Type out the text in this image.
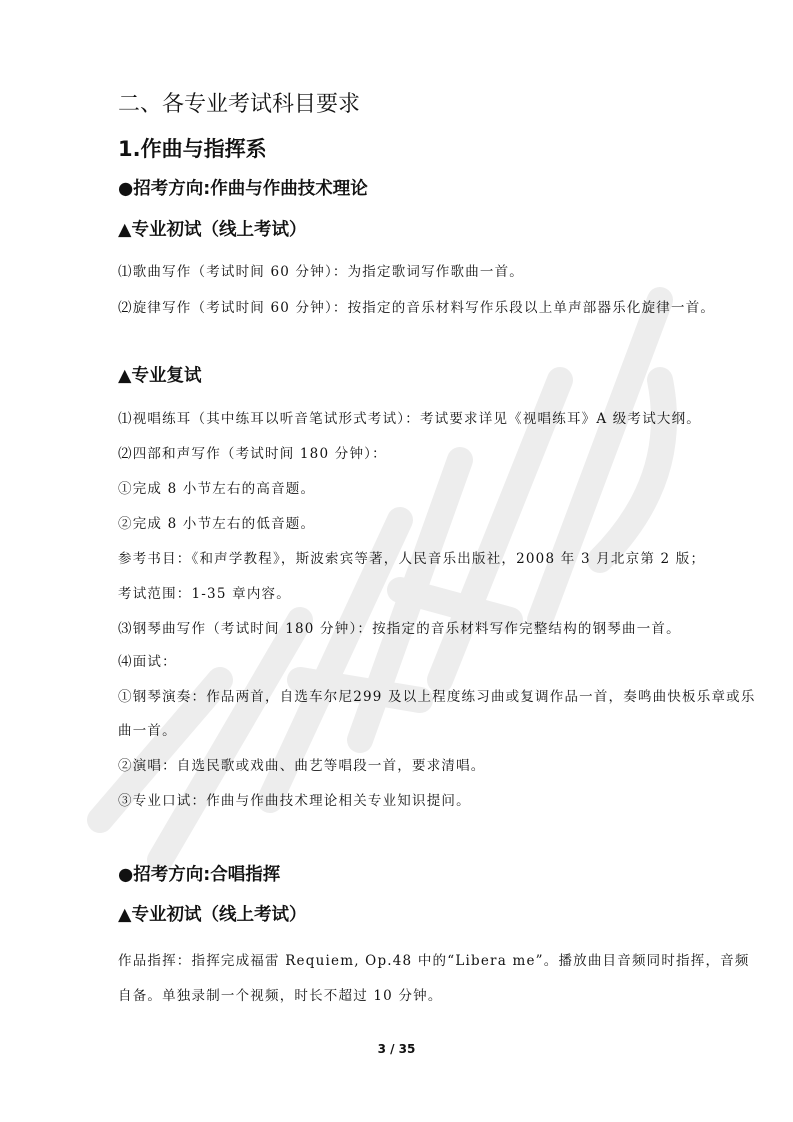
二、各专业考试科目要求
1.作曲与指挥系
●招考方向:作曲与作曲技术理论
▲专业初试（线上考试）
⑴歌曲写作（考试时间 60 分钟）：为指定歌词写作歌曲一首。
⑵旋律写作（考试时间 60 分钟）：按指定的音乐材料写作乐段以上单声部器乐化旋律一首。
▲专业复试
⑴视唱练耳（其中练耳以听音笔试形式考试）：考试要求详见《视唱练耳》A 级考试大纲。
⑵四部和声写作（考试时间 180 分钟）：
①完成 8 小节左右的高音题。
②完成 8 小节左右的低音题。
参考书目：《和声学教程》，斯波索宾等著，人民音乐出版社，2008 年 3 月北京第 2 版；
考试范围：1-35 章内容。
⑶钢琴曲写作（考试时间 180 分钟）：按指定的音乐材料写作完整结构的钢琴曲一首。
⑷面试：
①钢琴演奏：作品两首，自选车尔尼299 及以上程度练习曲或复调作品一首，奏鸣曲快板乐章或乐
曲一首。
②演唱：自选民歌或戏曲、曲艺等唱段一首，要求清唱。
③专业口试：作曲与作曲技术理论相关专业知识提问。
●招考方向:合唱指挥
▲专业初试（线上考试）
作品指挥：指挥完成福雷 Requiem, Op.48 中的“Libera me”。播放曲目音频同时指挥，音频
自备。单独录制一个视频，时长不超过 10 分钟。
3 / 35
